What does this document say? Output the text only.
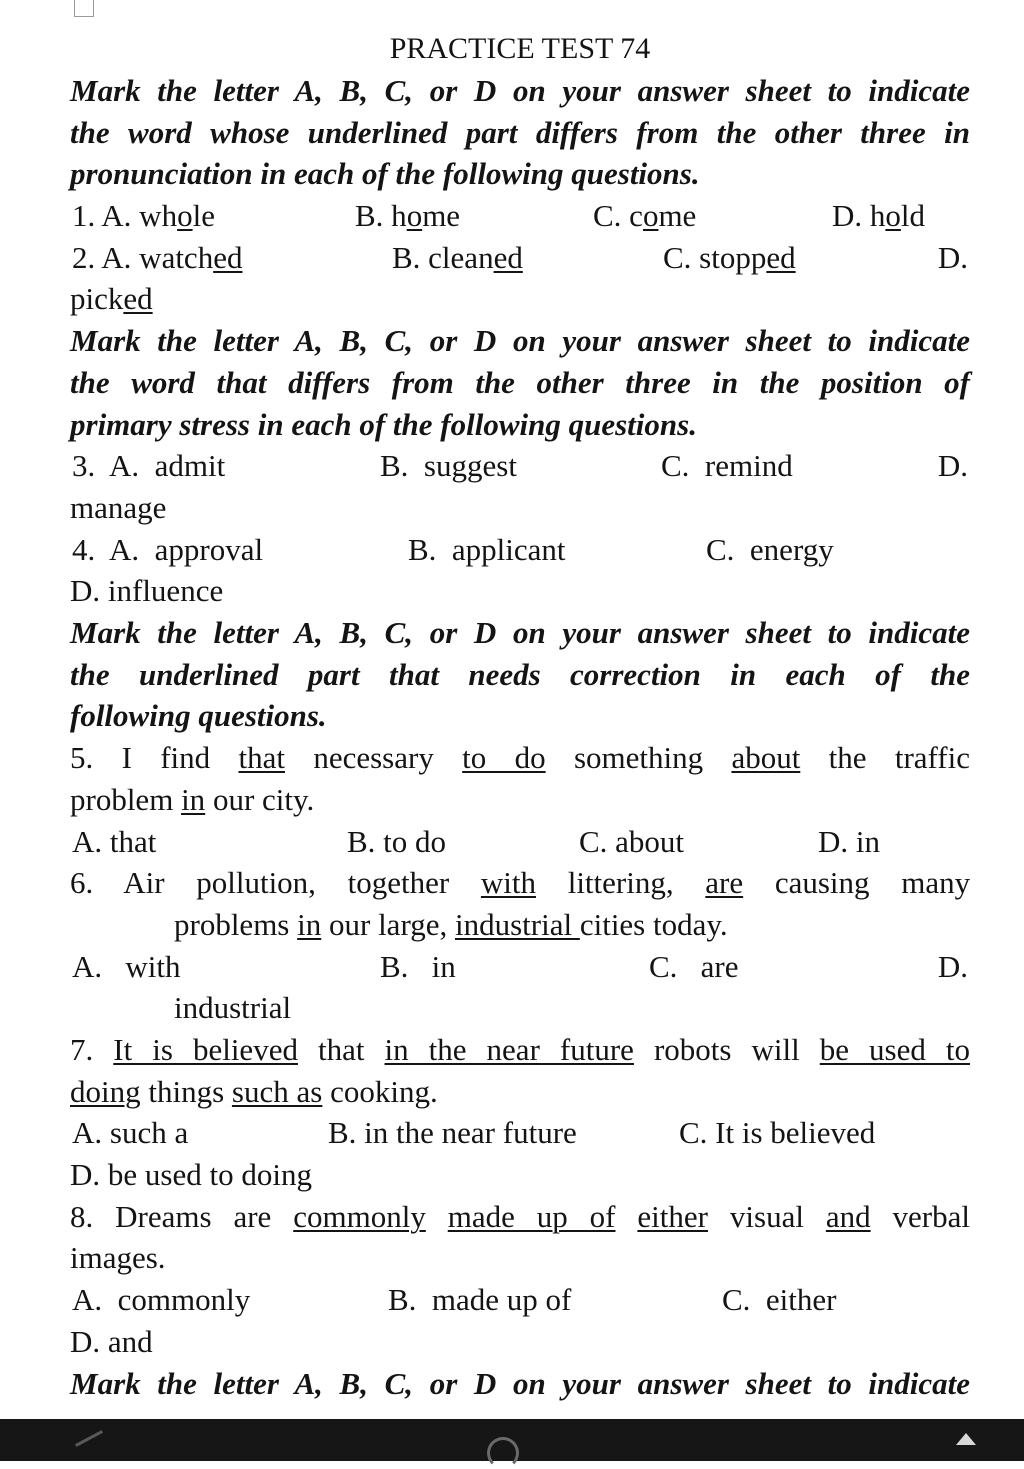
PRACTICE TEST 74
Mark the letter A, B, C, or D on your answer sheet to indicate
the word whose underlined part differs from the other three in
pronunciation in each of the following questions.
1. A. whole	B. home	C. come	D. hold
2. A. watched	B. cleaned	C. stopped	D.
picked
Mark the letter A, B, C, or D on your answer sheet to indicate
the word that differs from the other three in the position of
primary stress in each of the following questions.
3.  A.  admit	B.  suggest	C.  remind	D.
manage
4.  A.  approval	B.  applicant	C.  energy
D. influence
Mark the letter A, B, C, or D on your answer sheet to indicate
the underlined part that needs correction in each of the
following questions.
5. I find that necessary to do something about the traffic
problem in our city.
A. that	B. to do	C. about	D. in
6. Air pollution, together with littering, are causing many
problems in our large, industrial cities today.
A.   with	B.   in	C.   are	D.
industrial
7. It is believed that in the near future robots will be used to
doing things such as cooking.
A. such a	B. in the near future	C. It is believed
D. be used to doing
8. Dreams are commonly made up of either visual and verbal
images.
A.  commonly	B.  made up of	C.  either
D. and
Mark the letter A, B, C, or D on your answer sheet to indicate
